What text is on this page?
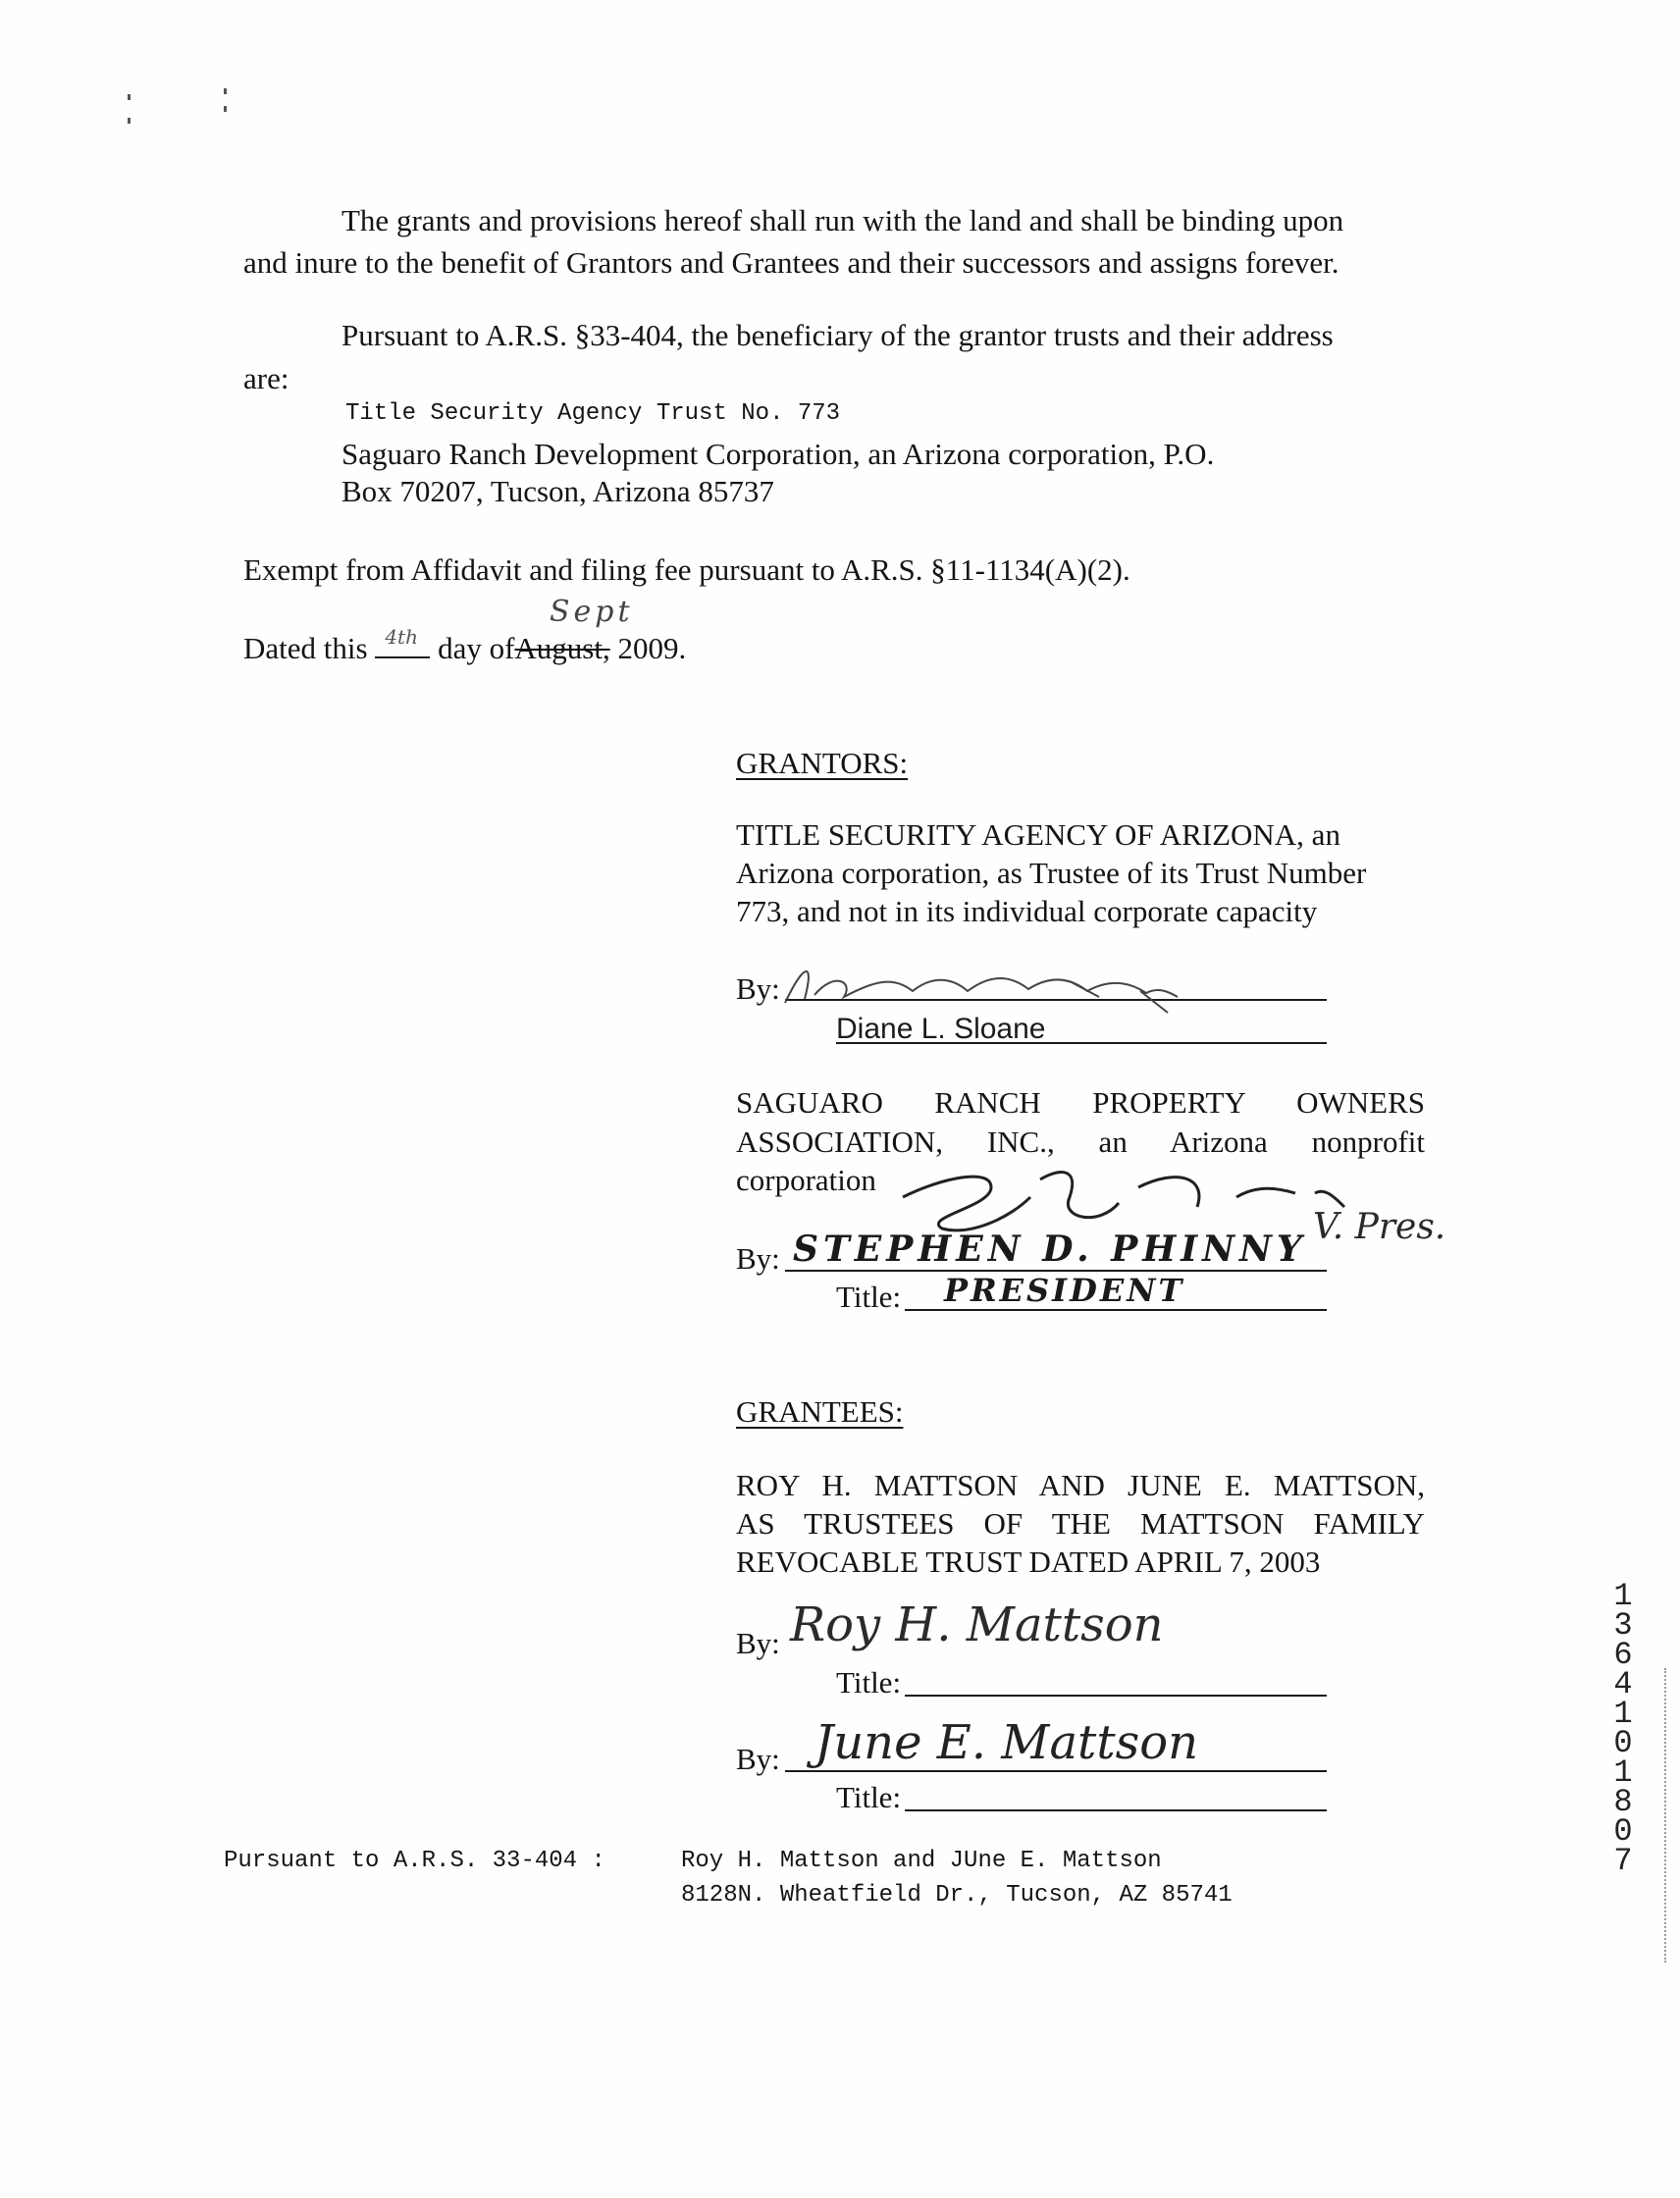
The grants and provisions hereof shall run with the land and shall be binding upon
and inure to the benefit of Grantors and Grantees and their successors and assigns forever.
Pursuant to A.R.S. §33-404, the beneficiary of the grantor trusts and their address
are:
Title Security Agency Trust No. 773
Saguaro Ranch Development Corporation, an Arizona corporation, P.O.
Box 70207, Tucson, Arizona 85737
Exempt from Affidavit and filing fee pursuant to A.R.S. §11-1134(A)(2).
Dated this 4th day ofAugust, 2009.
Sept
GRANTORS:
TITLE SECURITY AGENCY OF ARIZONA, an
Arizona corporation, as Trustee of its Trust Number
773, and not in its individual corporate capacity
By:
Diane L. Sloane
SAGUARO RANCH PROPERTY OWNERS
ASSOCIATION, INC., an Arizona nonprofit
corporation
By: STEPHEN D. PHINNY
V. Pres.
Title: PRESIDENT
GRANTEES:
ROY H. MATTSON AND JUNE E. MATTSON,
AS TRUSTEES OF THE MATTSON FAMILY
REVOCABLE TRUST DATED APRIL 7, 2003
By: Roy H. Mattson
Title:
By: June E. Mattson
Title:
Pursuant to A.R.S. 33-404 :	Roy H. Mattson and JUne E. Mattson
8128N. Wheatfield Dr., Tucson, AZ 85741
13641 01807
